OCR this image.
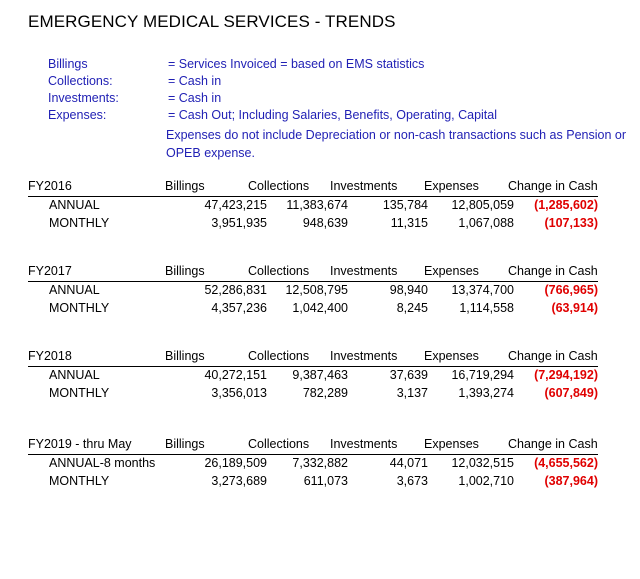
EMERGENCY MEDICAL SERVICES - TRENDS
Billings	= Services Invoiced = based on EMS statistics
Collections:	= Cash in
Investments:	= Cash in
Expenses:	= Cash Out; Including Salaries, Benefits, Operating, Capital
Expenses do not include Depreciation or non-cash transactions such as Pension or OPEB expense.
FY2016	Billings	Collections Investments Expenses Change in Cash
ANNUAL	47,423,215 11,383,674	135,784 12,805,059 (1,285,602)
MONTHLY	3,951,935	948,639	11,315 1,067,088 (107,133)
FY2017	Billings	Collections Investments Expenses Change in Cash
ANNUAL	52,286,831 12,508,795	98,940 13,374,700 (766,965)
MONTHLY	4,357,236 1,042,400	8,245	1,114,558	(63,914)
FY2018	Billings	Collections Investments Expenses Change in Cash
ANNUAL	40,272,151 9,387,463	37,639 16,719,294 (7,294,192)
MONTHLY	3,356,013	782,289	3,137 1,393,274 (607,849)
FY2019 - thru May	Billings	Collections Investments Expenses Change in Cash
ANNUAL-8 months	26,189,509 7,332,882	44,071 12,032,515 (4,655,562)
MONTHLY	3,273,689	611,073	3,673 1,002,710 (387,964)
